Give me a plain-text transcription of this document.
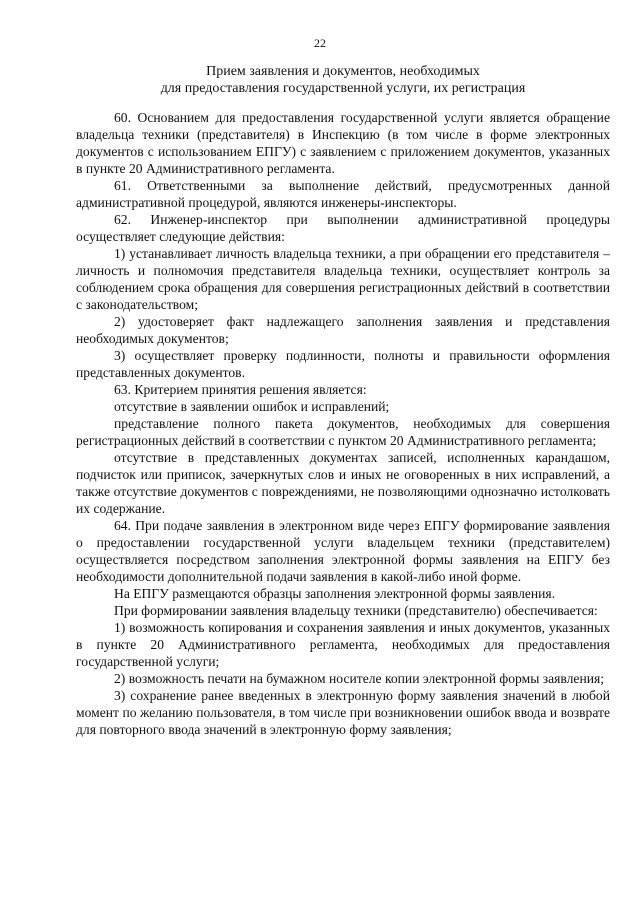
22
Прием заявления и документов, необходимых
для предоставления государственной услуги, их регистрация

60. Основанием для предоставления государственной услуги является обращение владельца техники (представителя) в Инспекцию (в том числе в форме электронных документов с использованием ЕПГУ) с заявлением с приложением документов, указанных в пункте 20 Административного регламента.

61. Ответственными за выполнение действий, предусмотренных данной административной процедурой, являются инженеры-инспекторы.

62. Инженер-инспектор при выполнении административной процедуры осуществляет следующие действия:

1) устанавливает личность владельца техники, а при обращении его представителя – личность и полномочия представителя владельца техники, осуществляет контроль за соблюдением срока обращения для совершения регистрационных действий в соответствии с законодательством;

2) удостоверяет факт надлежащего заполнения заявления и представления необходимых документов;

3) осуществляет проверку подлинности, полноты и правильности оформления представленных документов.

63. Критерием принятия решения является:

отсутствие в заявлении ошибок и исправлений;

представление полного пакета документов, необходимых для совершения регистрационных действий в соответствии с пунктом 20 Административного регламента;

отсутствие в представленных документах записей, исполненных карандашом, подчисток или приписок, зачеркнутых слов и иных не оговоренных в них исправлений, а также отсутствие документов с повреждениями, не позволяющими однозначно истолковать их содержание.

64. При подаче заявления в электронном виде через ЕПГУ формирование заявления о предоставлении государственной услуги владельцем техники (представителем) осуществляется посредством заполнения электронной формы заявления на ЕПГУ без необходимости дополнительной подачи заявления в какой-либо иной форме.

На ЕПГУ размещаются образцы заполнения электронной формы заявления.

При формировании заявления владельцу техники (представителю) обеспечивается:

1) возможность копирования и сохранения заявления и иных документов, указанных в пункте 20 Административного регламента, необходимых для предоставления государственной услуги;

2) возможность печати на бумажном носителе копии электронной формы заявления;

3) сохранение ранее введенных в электронную форму заявления значений в любой момент по желанию пользователя, в том числе при возникновении ошибок ввода и возврате для повторного ввода значений в электронную форму заявления;
